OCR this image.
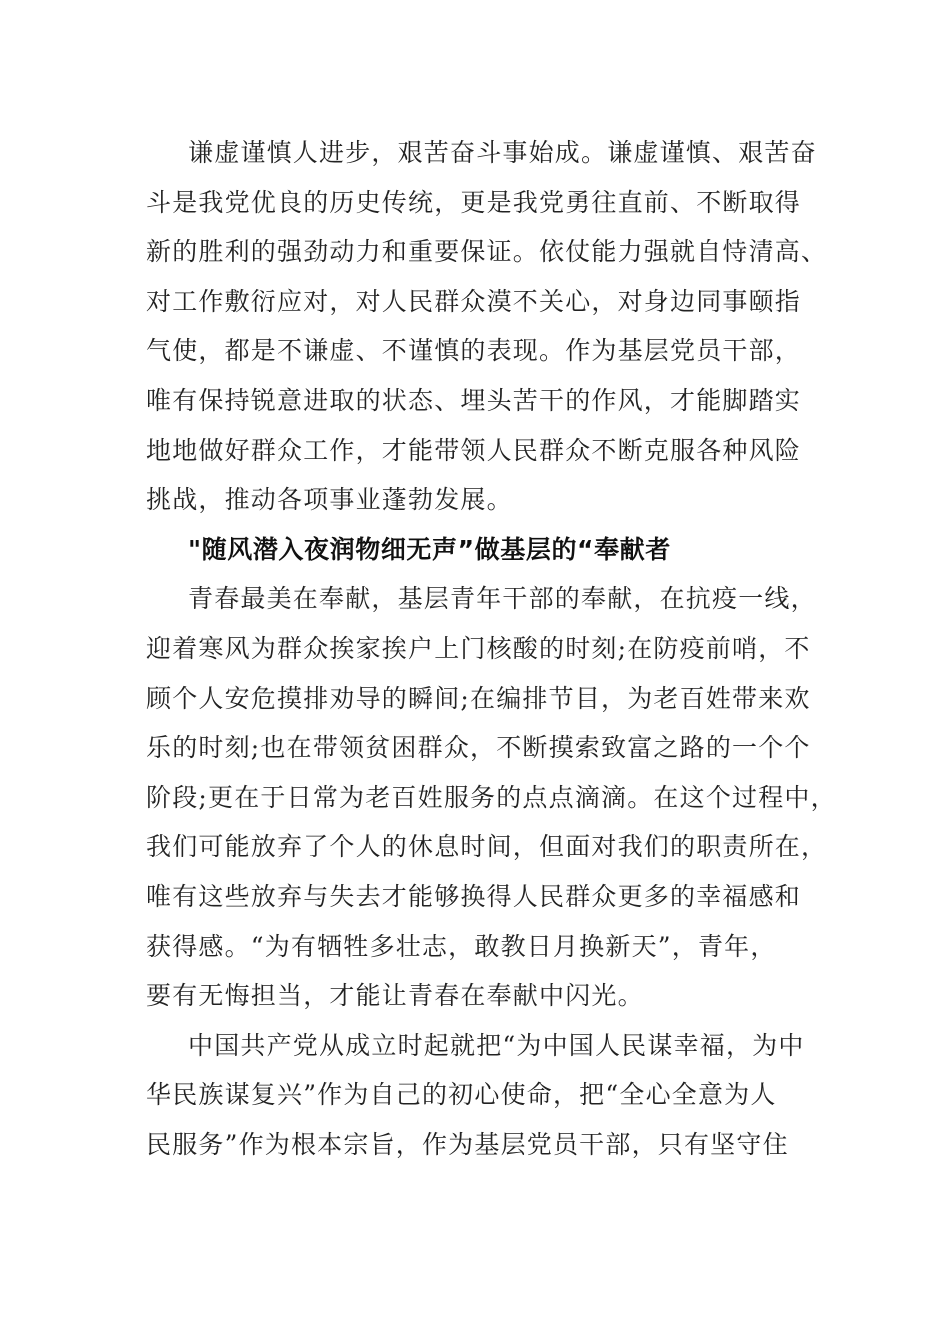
谦虚谨慎人进步，艰苦奋斗事始成。谦虚谨慎、艰苦奋
斗是我党优良的历史传统，更是我党勇往直前、不断取得
新的胜利的强劲动力和重要保证。依仗能力强就自恃清高、
对工作敷衍应对，对人民群众漠不关心，对身边同事颐指
气使，都是不谦虚、不谨慎的表现。作为基层党员干部，
唯有保持锐意进取的状态、埋头苦干的作风，才能脚踏实
地地做好群众工作，才能带领人民群众不断克服各种风险
挑战，推动各项事业蓬勃发展。
"随风潜入夜润物细无声”做基层的“奉献者
青春最美在奉献，基层青年干部的奉献，在抗疫一线，
迎着寒风为群众挨家挨户上门核酸的时刻;在防疫前哨，不
顾个人安危摸排劝导的瞬间;在编排节目，为老百姓带来欢
乐的时刻;也在带领贫困群众，不断摸索致富之路的一个个
阶段;更在于日常为老百姓服务的点点滴滴。在这个过程中，
我们可能放弃了个人的休息时间，但面对我们的职责所在，
唯有这些放弃与失去才能够换得人民群众更多的幸福感和
获得感。“为有牺牲多壮志，敢教日月换新天”，青年，
要有无悔担当，才能让青春在奉献中闪光。
中国共产党从成立时起就把“为中国人民谋幸福，为中
华民族谋复兴”作为自己的初心使命，把“全心全意为人
民服务”作为根本宗旨，作为基层党员干部，只有坚守住
